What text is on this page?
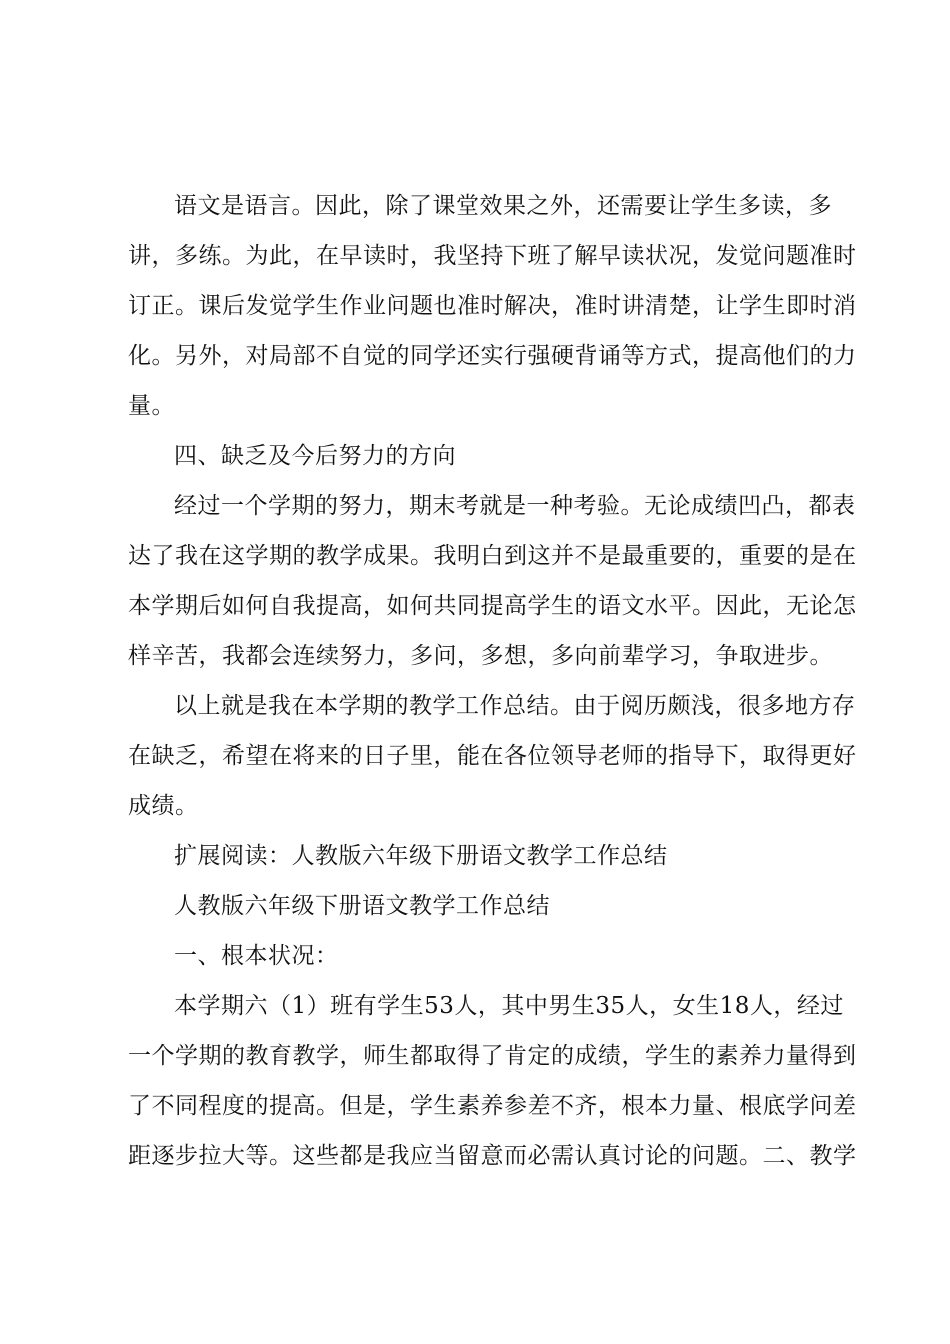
语文是语言。因此，除了课堂效果之外，还需要让学生多读，多
讲，多练。为此，在早读时，我坚持下班了解早读状况，发觉问题准时
订正。课后发觉学生作业问题也准时解决，准时讲清楚，让学生即时消
化。另外，对局部不自觉的同学还实行强硬背诵等方式，提高他们的力
量。
四、缺乏及今后努力的方向
经过一个学期的努力，期末考就是一种考验。无论成绩凹凸，都表
达了我在这学期的教学成果。我明白到这并不是最重要的，重要的是在
本学期后如何自我提高，如何共同提高学生的语文水平。因此，无论怎
样辛苦，我都会连续努力，多问，多想，多向前辈学习，争取进步。
以上就是我在本学期的教学工作总结。由于阅历颇浅，很多地方存
在缺乏，希望在将来的日子里，能在各位领导老师的指导下，取得更好
成绩。
扩展阅读：人教版六年级下册语文教学工作总结
人教版六年级下册语文教学工作总结
一、根本状况：
本学期六（1）班有学生53人，其中男生35人，女生18人，经过
一个学期的教育教学，师生都取得了肯定的成绩，学生的素养力量得到
了不同程度的提高。但是，学生素养参差不齐，根本力量、根底学问差
距逐步拉大等。这些都是我应当留意而必需认真讨论的问题。二、教学
